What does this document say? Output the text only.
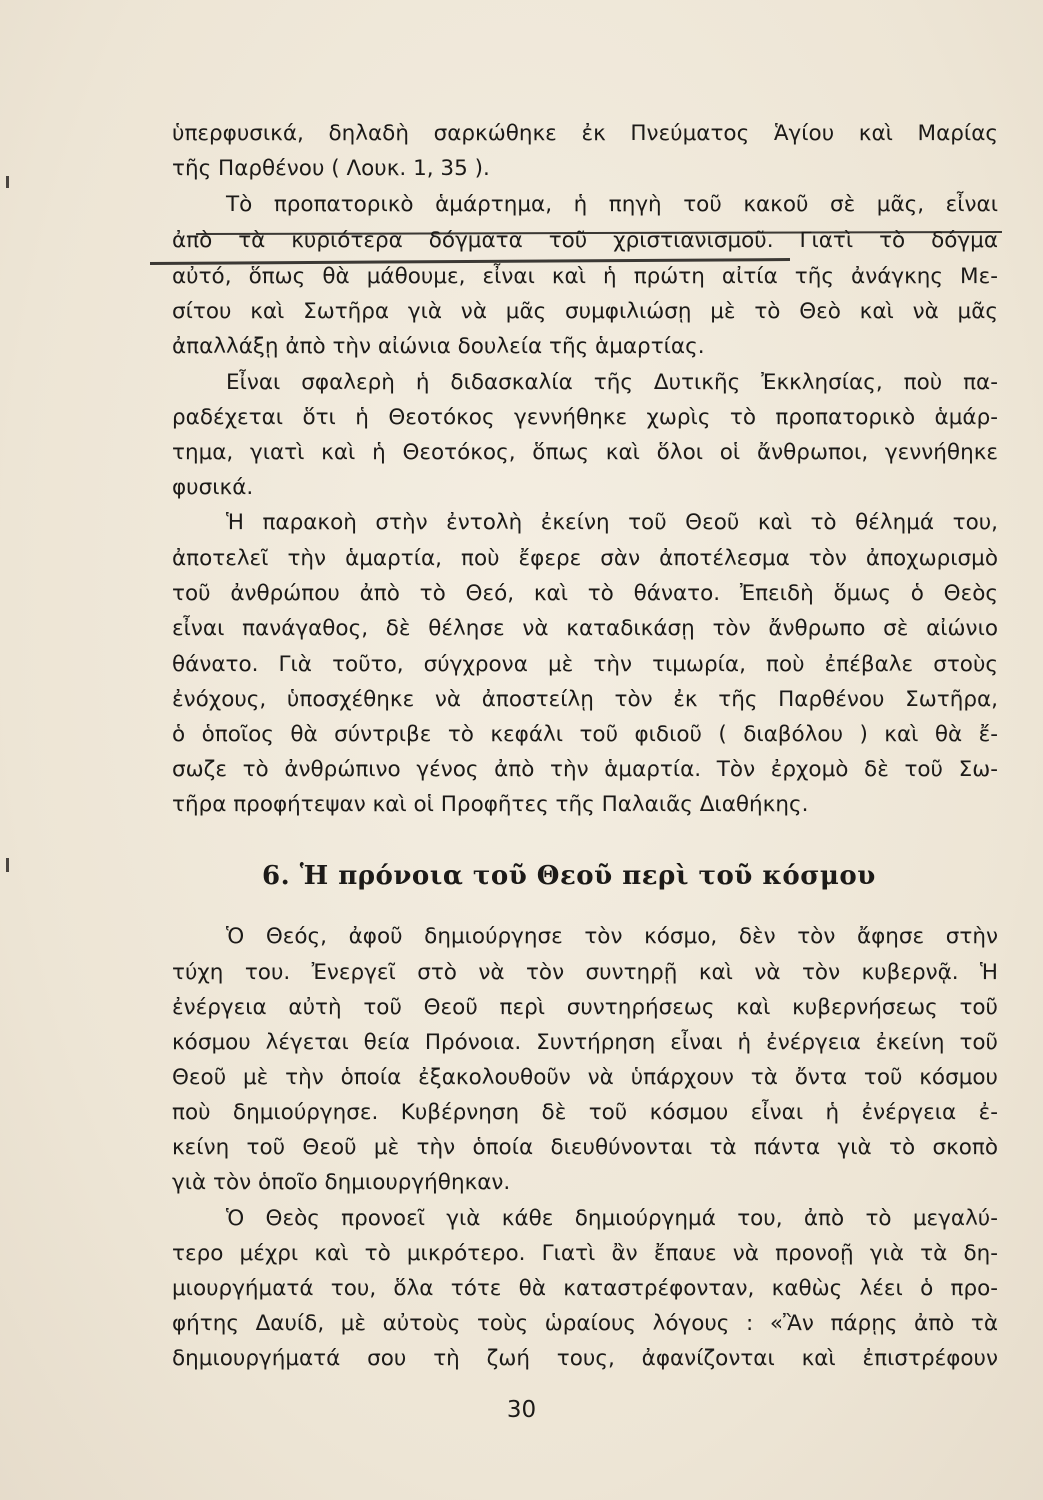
ὑπερφυσικά, δηλαδὴ σαρκώθηκε ἐκ Πνεύματος Ἁγίου καὶ Μαρίας
τῆς Παρθένου ( Λουκ. 1, 35 ).
Τὸ προπατορικὸ ἁμάρτημα, ἡ πηγὴ τοῦ κακοῦ σὲ μᾶς, εἶναι
ἀπὸ τὰ κυριότερα δόγματα τοῦ χριστιανισμοῦ. Γιατὶ τὸ δόγμα
αὐτό, ὅπως θὰ μάθουμε, εἶναι καὶ ἡ πρώτη αἰτία τῆς ἀνάγκης Με-
σίτου καὶ Σωτῆρα γιὰ νὰ μᾶς συμφιλιώσῃ μὲ τὸ Θεὸ καὶ νὰ μᾶς
ἀπαλλάξῃ ἀπὸ τὴν αἰώνια δουλεία τῆς ἁμαρτίας.
Εἶναι σφαλερὴ ἡ διδασκαλία τῆς Δυτικῆς Ἐκκλησίας, ποὺ πα-
ραδέχεται ὅτι ἡ Θεοτόκος γεννήθηκε χωρὶς τὸ προπατορικὸ ἁμάρ-
τημα, γιατὶ καὶ ἡ Θεοτόκος, ὅπως καὶ ὅλοι οἱ ἄνθρωποι, γεννήθηκε
φυσικά.
Ἡ παρακοὴ στὴν ἐντολὴ ἐκείνη τοῦ Θεοῦ καὶ τὸ θέλημά του,
ἀποτελεῖ τὴν ἁμαρτία, ποὺ ἔφερε σὰν ἀποτέλεσμα τὸν ἀποχωρισμὸ
τοῦ ἀνθρώπου ἀπὸ τὸ Θεό, καὶ τὸ θάνατο. Ἐπειδὴ ὅμως ὁ Θεὸς
εἶναι πανάγαθος, δὲ θέλησε νὰ καταδικάσῃ τὸν ἄνθρωπο σὲ αἰώνιο
θάνατο. Γιὰ τοῦτο, σύγχρονα μὲ τὴν τιμωρία, ποὺ ἐπέβαλε στοὺς
ἐνόχους, ὑποσχέθηκε νὰ ἀποστείλῃ τὸν ἐκ τῆς Παρθένου Σωτῆρα,
ὁ ὁποῖος θὰ σύντριβε τὸ κεφάλι τοῦ φιδιοῦ ( διαβόλου ) καὶ θὰ ἔ-
σωζε τὸ ἀνθρώπινο γένος ἀπὸ τὴν ἁμαρτία. Τὸν ἐρχομὸ δὲ τοῦ Σω-
τῆρα προφήτεψαν καὶ οἱ Προφῆτες τῆς Παλαιᾶς Διαθήκης.
6. Ἡ πρόνοια τοῦ Θεοῦ περὶ τοῦ κόσμου
Ὁ Θεός, ἀφοῦ δημιούργησε τὸν κόσμο, δὲν τὸν ἄφησε στὴν
τύχη του. Ἐνεργεῖ στὸ νὰ τὸν συντηρῇ καὶ νὰ τὸν κυβερνᾷ. Ἡ
ἐνέργεια αὐτὴ τοῦ Θεοῦ περὶ συντηρήσεως καὶ κυβερνήσεως τοῦ
κόσμου λέγεται θεία Πρόνοια. Συντήρηση εἶναι ἡ ἐνέργεια ἐκείνη τοῦ
Θεοῦ μὲ τὴν ὁποία ἐξακολουθοῦν νὰ ὑπάρχουν τὰ ὄντα τοῦ κόσμου
ποὺ δημιούργησε. Κυβέρνηση δὲ τοῦ κόσμου εἶναι ἡ ἐνέργεια ἐ-
κείνη τοῦ Θεοῦ μὲ τὴν ὁποία διευθύνονται τὰ πάντα γιὰ τὸ σκοπὸ
γιὰ τὸν ὁποῖο δημιουργήθηκαν.
Ὁ Θεὸς προνοεῖ γιὰ κάθε δημιούργημά του, ἀπὸ τὸ μεγαλύ-
τερο μέχρι καὶ τὸ μικρότερο. Γιατὶ ἂν ἔπαυε νὰ προνοῇ γιὰ τὰ δη-
μιουργήματά του, ὅλα τότε θὰ καταστρέφονταν, καθὼς λέει ὁ προ-
φήτης Δαυίδ, μὲ αὐτοὺς τοὺς ὡραίους λόγους : «Ἂν πάρῃς ἀπὸ τὰ
δημιουργήματά σου τὴ ζωή τους, ἀφανίζονται καὶ ἐπιστρέφουν
30
